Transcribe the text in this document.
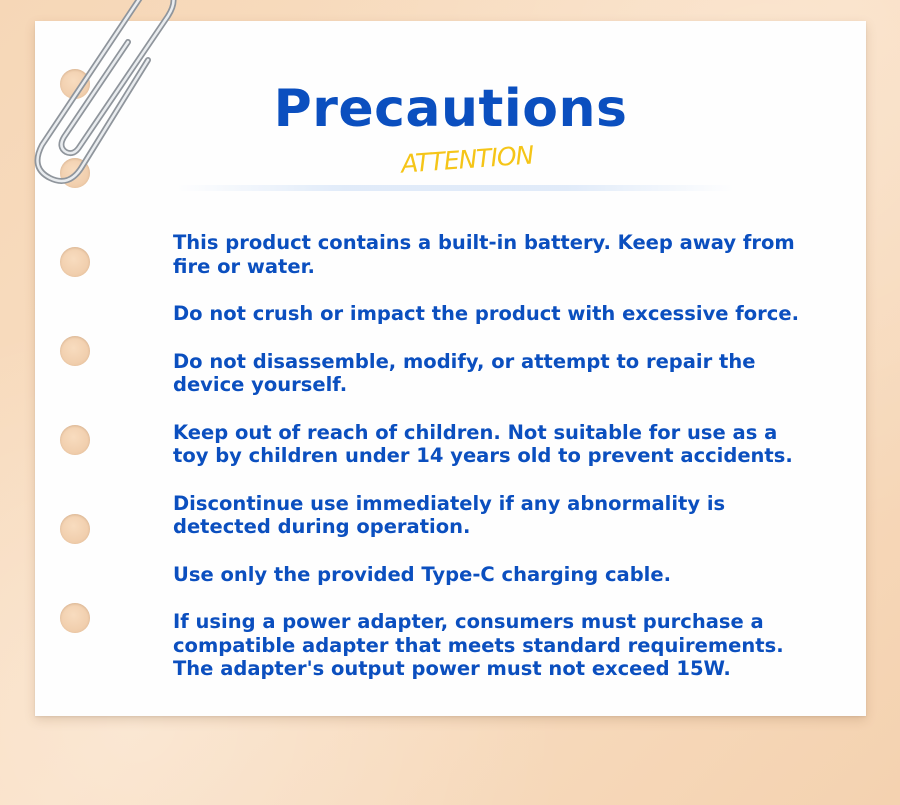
Precautions
ATTENTION
This product contains a built-in battery. Keep away from fire or water.
Do not crush or impact the product with excessive force.
Do not disassemble, modify, or attempt to repair the device yourself.
Keep out of reach of children. Not suitable for use as a toy by children under 14 years old to prevent accidents.
Discontinue use immediately if any abnormality is detected during operation.
Use only the provided Type-C charging cable.
If using a power adapter, consumers must purchase a compatible adapter that meets standard requirements. The adapter's output power must not exceed 15W.
